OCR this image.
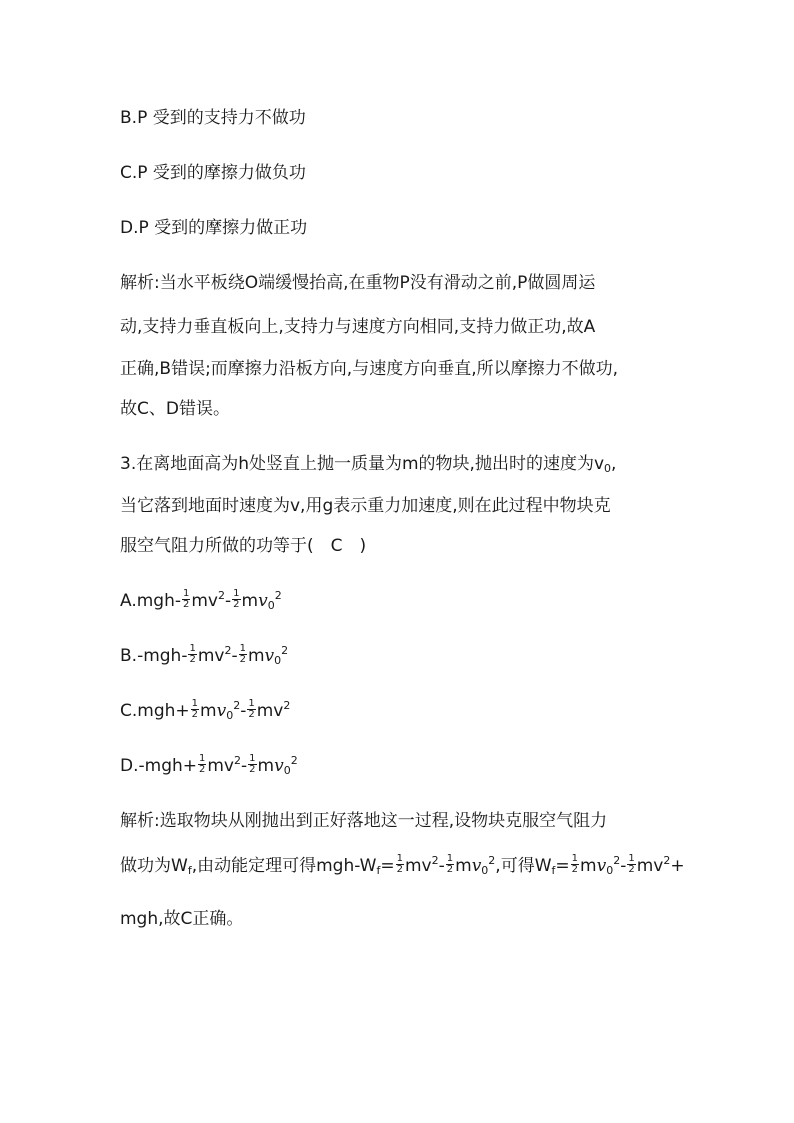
B.P 受到的支持力不做功
C.P 受到的摩擦力做负功
D.P 受到的摩擦力做正功
解析:当水平板绕O端缓慢抬高,在重物P没有滑动之前,P做圆周运
动,支持力垂直板向上,支持力与速度方向相同,支持力做正功,故A
正确,B错误;而摩擦力沿板方向,与速度方向垂直,所以摩擦力不做功,
故C、D错误。
3.在离地面高为h处竖直上抛一质量为m的物块,抛出时的速度为$v_0$,
当它落到地面时速度为v,用g表示重力加速度,则在此过程中物块克
服空气阻力所做的功等于(　C　)
$A.mgh- \frac{1}{2} mv^2- \frac{1}{2} mv_0^2$
$B.-mgh- \frac{1}{2} mv^2- \frac{1}{2} mv_0^2$
$C.mgh+ \frac{1}{2} mv_0^2- \frac{1}{2} mv^2$
$D.-mgh+ \frac{1}{2} mv^2- \frac{1}{2} mv_0^2$
解析:选取物块从刚抛出到正好落地这一过程,设物块克服空气阻力
做功为$W_f$,由动能定理可得mgh-$W_f= \frac{1}{2} mv^2- \frac{1}{2} mv_0^2$,可得$W_f= \frac{1}{2} mv_0^2- \frac{1}{2} mv^2+$
mgh,故C正确。
